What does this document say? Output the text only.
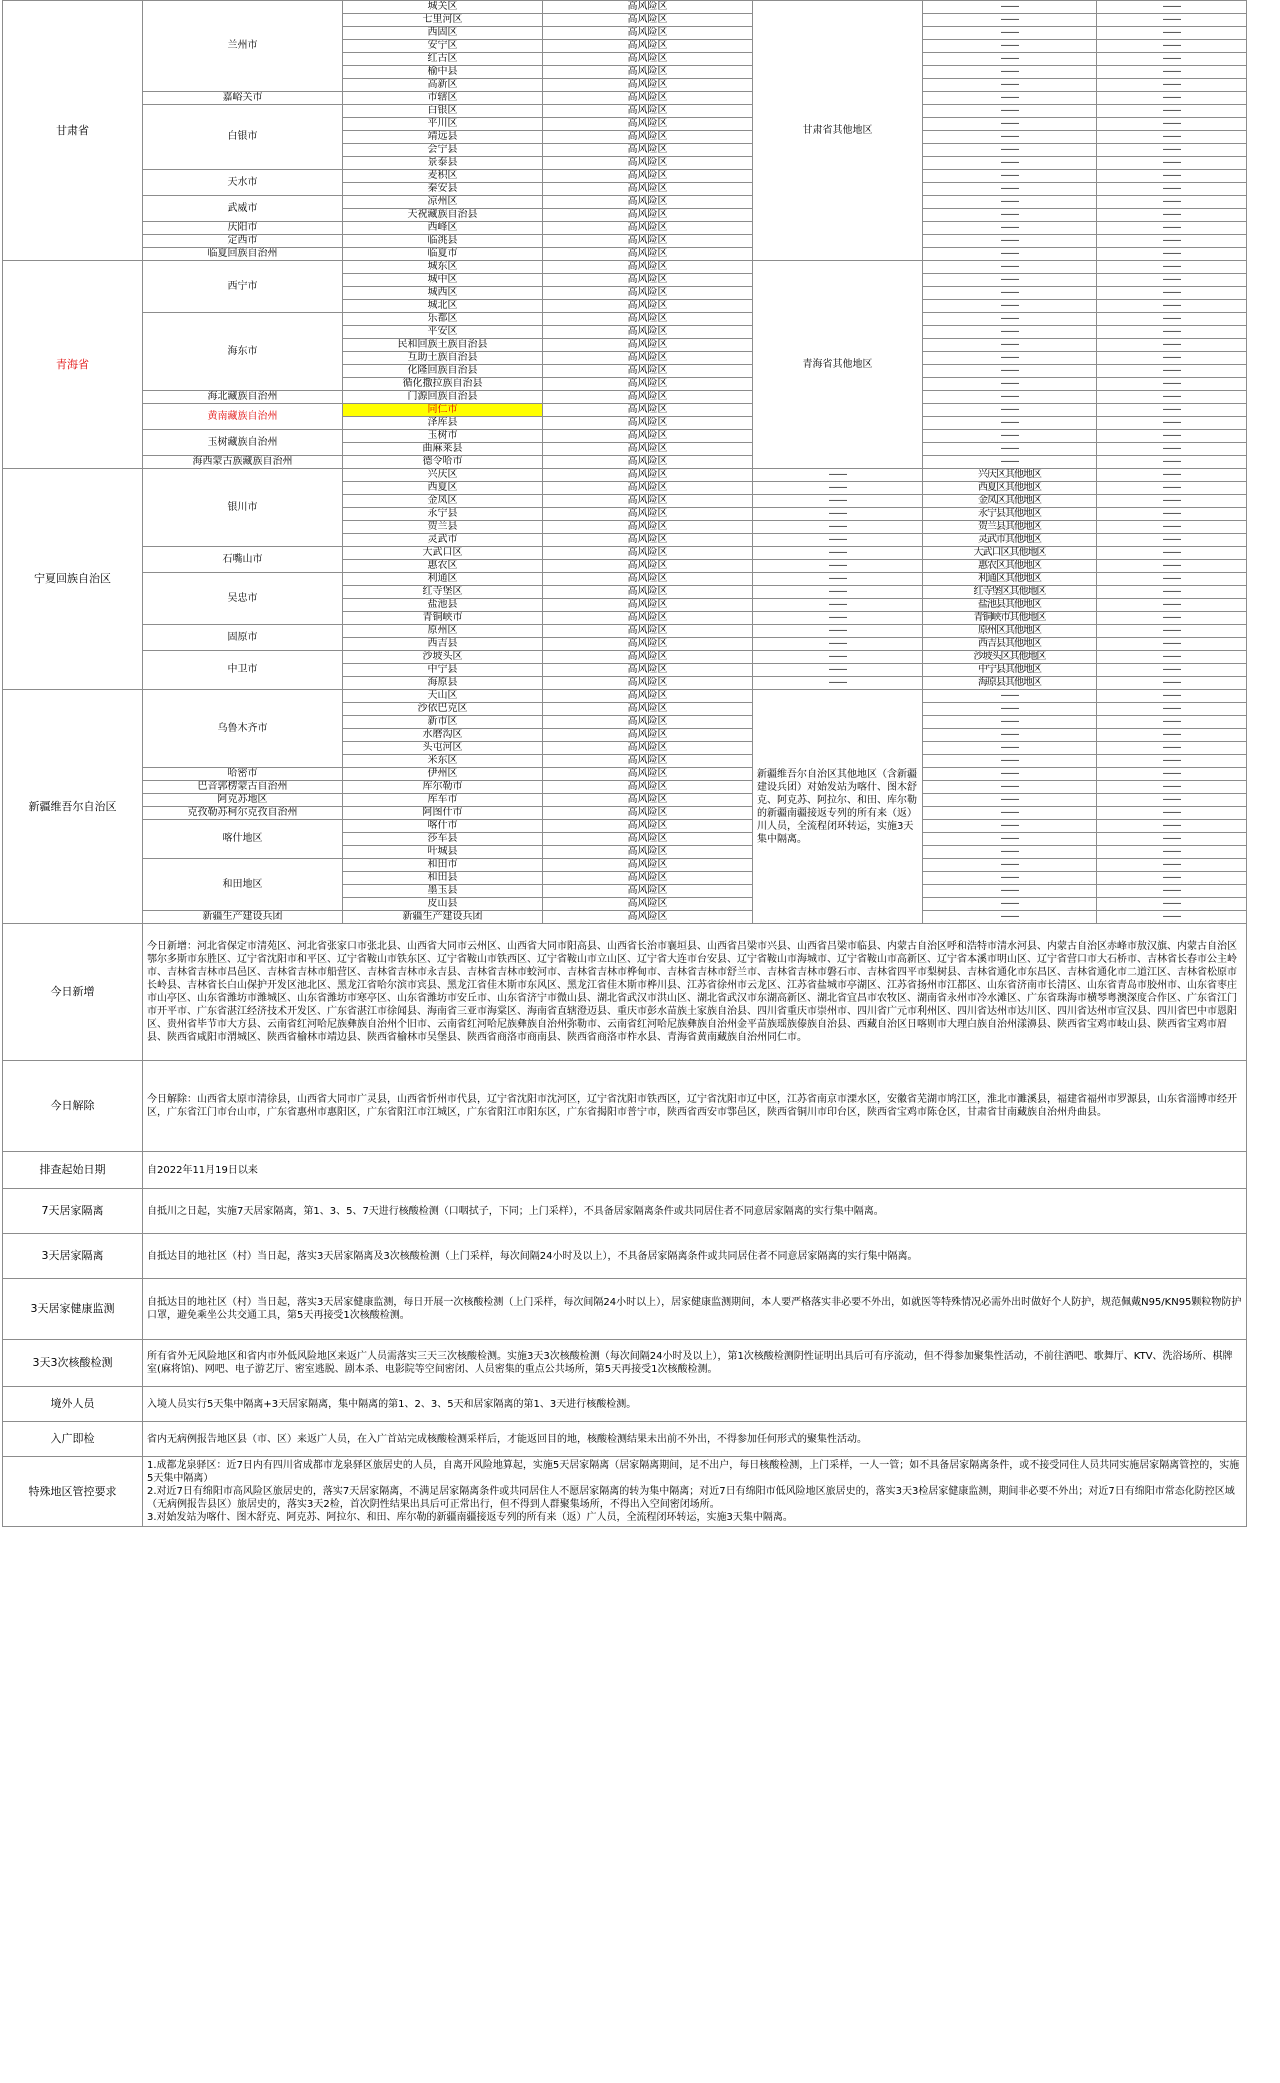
甘肃省	兰州市	城关区	高风险区	甘肃省其他地区	——	——
		七里河区	高风险区		——	——
		西固区	高风险区		——	——
		安宁区	高风险区		——	——
		红古区	高风险区		——	——
		榆中县	高风险区		——	——
		高新区	高风险区		——	——
	嘉峪关市	市辖区	高风险区		——	——
	白银市	白银区	高风险区		——	——
		平川区	高风险区		——	——
		靖远县	高风险区		——	——
		会宁县	高风险区		——	——
		景泰县	高风险区		——	——
	天水市	麦积区	高风险区		——	——
		秦安县	高风险区		——	——
	武威市	凉州区	高风险区		——	——
		天祝藏族自治县	高风险区		——	——
	庆阳市	西峰区	高风险区		——	——
	定西市	临洮县	高风险区		——	——
	临夏回族自治州	临夏市	高风险区		——	——
青海省	西宁市	城东区	高风险区	青海省其他地区	——	——
		城中区	高风险区		——	——
		城西区	高风险区		——	——
		城北区	高风险区		——	——
	海东市	乐都区	高风险区		——	——
		平安区	高风险区		——	——
		民和回族土族自治县	高风险区		——	——
		互助土族自治县	高风险区		——	——
		化隆回族自治县	高风险区		——	——
		循化撒拉族自治县	高风险区		——	——
	海北藏族自治州	门源回族自治县	高风险区		——	——
	黄南藏族自治州	同仁市	高风险区		——	——
		泽库县	高风险区		——	——
	玉树藏族自治州	玉树市	高风险区		——	——
		曲麻莱县	高风险区		——	——
	海西蒙古族藏族自治州	德令哈市	高风险区		——	——
宁夏回族自治区	银川市	兴庆区	高风险区	——	兴庆区其他地区	——
		西夏区	高风险区	——	西夏区其他地区	——
		金凤区	高风险区	——	金凤区其他地区	——
		永宁县	高风险区	——	永宁县其他地区	——
		贺兰县	高风险区	——	贺兰县其他地区	——
		灵武市	高风险区	——	灵武市其他地区	——
	石嘴山市	大武口区	高风险区	——	大武口区其他地区	——
		惠农区	高风险区	——	惠农区其他地区	——
	吴忠市	利通区	高风险区	——	利通区其他地区	——
		红寺堡区	高风险区	——	红寺堡区其他地区	——
		盐池县	高风险区	——	盐池县其他地区	——
		青铜峡市	高风险区	——	青铜峡市其他地区	——
	固原市	原州区	高风险区	——	原州区其他地区	——
		西吉县	高风险区	——	西吉县其他地区	——
	中卫市	沙坡头区	高风险区	——	沙坡头区其他地区	——
		中宁县	高风险区	——	中宁县其他地区	——
		海原县	高风险区	——	海原县其他地区	——
新疆维吾尔自治区	乌鲁木齐市	天山区	高风险区	新疆维吾尔自治区其他地区（含新疆建设兵团）对始发站为喀什、图木舒克、阿克苏、阿拉尔、和田、库尔勒的新疆南疆接返专列的所有来（返）川人员，全流程闭环转运，实施3天集中隔离。	——	——
		沙依巴克区	高风险区		——	——
		新市区	高风险区		——	——
		水磨沟区	高风险区		——	——
		头屯河区	高风险区		——	——
		米东区	高风险区		——	——
	哈密市	伊州区	高风险区		——	——
	巴音郭楞蒙古自治州	库尔勒市	高风险区		——	——
	阿克苏地区	库车市	高风险区		——	——
	克孜勒苏柯尔克孜自治州	阿图什市	高风险区		——	——
	喀什地区	喀什市	高风险区		——	——
		莎车县	高风险区		——	——
		叶城县	高风险区		——	——
	和田地区	和田市	高风险区		——	——
		和田县	高风险区		——	——
		墨玉县	高风险区		——	——
		皮山县	高风险区		——	——
	新疆生产建设兵团	新疆生产建设兵团	高风险区		——	——
今日新增	今日新增：河北省保定市清苑区、河北省张家口市张北县、山西省大同市云州区、山西省大同市阳高县、山西省长治市襄垣县、山西省吕梁市兴县、山西省吕梁市临县、内蒙古自治区呼和浩特市清水河县、内蒙古自治区赤峰市敖汉旗、内蒙古自治区鄂尔多斯市东胜区、辽宁省沈阳市和平区、辽宁省鞍山市铁东区、辽宁省鞍山市铁西区、辽宁省鞍山市立山区、辽宁省大连市台安县、辽宁省鞍山市海城市、辽宁省鞍山市高新区、辽宁省本溪市明山区、辽宁省营口市大石桥市、吉林省长春市公主岭市、吉林省吉林市昌邑区、吉林省吉林市船营区、吉林省吉林市永吉县、吉林省吉林市蛟河市、吉林省吉林市桦甸市、吉林省吉林市舒兰市、吉林省吉林市磐石市、吉林省四平市梨树县、吉林省通化市东昌区、吉林省通化市二道江区、吉林省松原市长岭县、吉林省长白山保护开发区池北区、黑龙江省哈尔滨市宾县、黑龙江省佳木斯市东风区、黑龙江省佳木斯市桦川县、江苏省徐州市云龙区、江苏省盐城市亭湖区、江苏省扬州市江都区、山东省济南市长清区、山东省青岛市胶州市、山东省枣庄市山亭区、山东省潍坊市潍城区、山东省潍坊市寒亭区、山东省潍坊市安丘市、山东省济宁市微山县、湖北省武汉市洪山区、湖北省武汉市东湖高新区、湖北省宜昌市农牧区、湖南省永州市冷水滩区、广东省珠海市横琴粤澳深度合作区、广东省江门市开平市、广东省湛江经济技术开发区、广东省湛江市徐闻县、海南省三亚市海棠区、海南省直辖澄迈县、重庆市彭水苗族土家族自治县、四川省重庆市崇州市、四川省广元市利州区、四川省达州市达川区、四川省达州市宣汉县、四川省巴中市恩阳区、贵州省毕节市大方县、云南省红河哈尼族彝族自治州个旧市、云南省红河哈尼族彝族自治州弥勒市、云南省红河哈尼族彝族自治州金平苗族瑶族傣族自治县、西藏自治区日喀则市大理白族自治州漾濞县、陕西省宝鸡市岐山县、陕西省宝鸡市眉县、陕西省咸阳市渭城区、陕西省榆林市靖边县、陕西省榆林市吴堡县、陕西省商洛市商南县、陕西省商洛市柞水县、青海省黄南藏族自治州同仁市。					
今日解除	今日解除：山西省太原市清徐县，山西省大同市广灵县，山西省忻州市代县，辽宁省沈阳市沈河区，辽宁省沈阳市铁西区，辽宁省沈阳市辽中区，江苏省南京市溧水区，安徽省芜湖市鸠江区，淮北市濉溪县，福建省福州市罗源县，山东省淄博市经开区，广东省江门市台山市，广东省惠州市惠阳区，广东省阳江市江城区，广东省阳江市阳东区，广东省揭阳市普宁市，陕西省西安市鄠邑区，陕西省铜川市印台区，陕西省宝鸡市陈仓区，甘肃省甘南藏族自治州舟曲县。					
排查起始日期	自2022年11月19日以来					
7天居家隔离	自抵川之日起，实施7天居家隔离，第1、3、5、7天进行核酸检测（口咽拭子，下同；上门采样），不具备居家隔离条件或共同居住者不同意居家隔离的实行集中隔离。					
3天居家隔离	自抵达目的地社区（村）当日起，落实3天居家隔离及3次核酸检测（上门采样，每次间隔24小时及以上），不具备居家隔离条件或共同居住者不同意居家隔离的实行集中隔离。					
3天居家健康监测	自抵达目的地社区（村）当日起，落实3天居家健康监测，每日开展一次核酸检测（上门采样，每次间隔24小时以上），居家健康监测期间，本人要严格落实非必要不外出，如就医等特殊情况必需外出时做好个人防护，规范佩戴N95/KN95颗粒物防护口罩，避免乘坐公共交通工具，第5天再接受1次核酸检测。					
3天3次核酸检测	所有省外无风险地区和省内市外低风险地区来返广人员需落实三天三次核酸检测。实施3天3次核酸检测（每次间隔24小时及以上），第1次核酸检测阴性证明出具后可有序流动，但不得参加聚集性活动，不前往酒吧、歌舞厅、KTV、洗浴场所、棋牌室(麻将馆)、网吧、电子游艺厅、密室逃脱、剧本杀、电影院等空间密闭、人员密集的重点公共场所，第5天再接受1次核酸检测。					
境外人员	入境人员实行5天集中隔离+3天居家隔离，集中隔离的第1、2、3、5天和居家隔离的第1、3天进行核酸检测。					
入广即检	省内无病例报告地区县（市、区）来返广人员，在入广首站完成核酸检测采样后，才能返回目的地，核酸检测结果未出前不外出，不得参加任何形式的聚集性活动。					
特殊地区管控要求	1.成都龙泉驿区：近7日内有四川省成都市龙泉驿区旅居史的人员，自离开风险地算起，实施5天居家隔离（居家隔离期间，足不出户，每日核酸检测，上门采样，一人一管；如不具备居家隔离条件，或不接受同住人员共同实施居家隔离管控的，实施5天集中隔离）
2.对近7日有绵阳市高风险区旅居史的，落实7天居家隔离，不满足居家隔离条件或共同居住人不愿居家隔离的转为集中隔离；对近7日有绵阳市低风险地区旅居史的，落实3天3检居家健康监测，期间非必要不外出；对近7日有绵阳市常态化防控区域（无病例报告县区）旅居史的，落实3天2检，首次阴性结果出具后可正常出行，但不得到人群聚集场所，不得出入空间密闭场所。
3.对始发站为喀什、图木舒克、阿克苏、阿拉尔、和田、库尔勒的新疆南疆接返专列的所有来（返）广人员，全流程闭环转运，实施3天集中隔离。					
